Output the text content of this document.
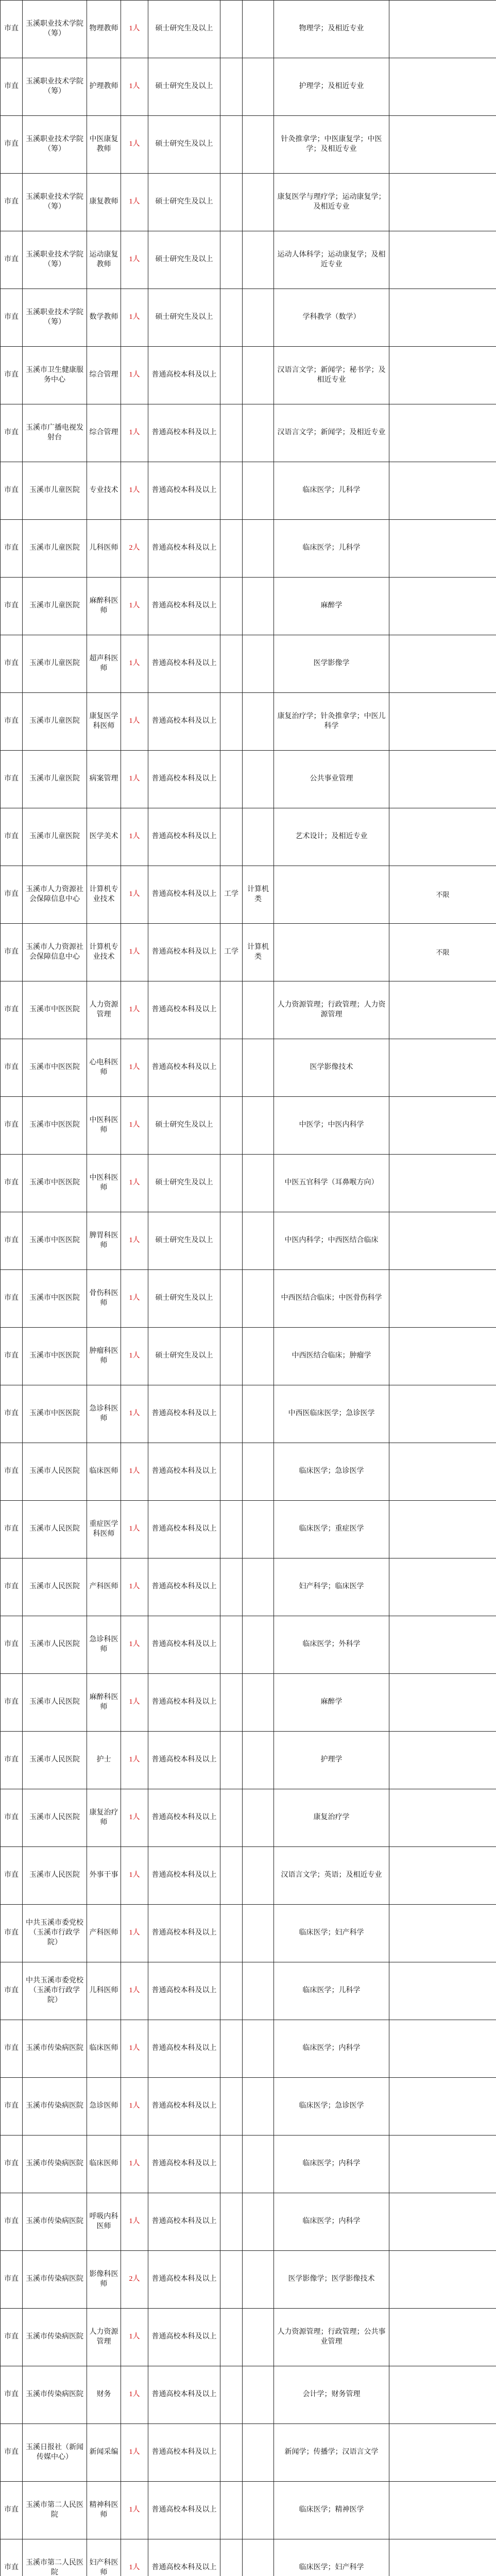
市直	玉溪职业技术学院（筹）	物理教师	1人	硕士研究生及以上			物理学；及相近专业	
市直	玉溪职业技术学院（筹）	护理教师	1人	硕士研究生及以上			护理学；及相近专业	
市直	玉溪职业技术学院（筹）	中医康复教师	1人	硕士研究生及以上			针灸推拿学；中医康复学；中医学；及相近专业	
市直	玉溪职业技术学院（筹）	康复教师	1人	硕士研究生及以上			康复医学与理疗学；运动康复学；及相近专业	
市直	玉溪职业技术学院（筹）	运动康复教师	1人	硕士研究生及以上			运动人体科学；运动康复学；及相近专业	
市直	玉溪职业技术学院（筹）	数学教师	1人	硕士研究生及以上			学科教学（数学）	
市直	玉溪市卫生健康服务中心	综合管理	1人	普通高校本科及以上			汉语言文学；新闻学；秘书学；及相近专业	
市直	玉溪市广播电视发射台	综合管理	1人	普通高校本科及以上			汉语言文学；新闻学；及相近专业	
市直	玉溪市儿童医院	专业技术	1人	普通高校本科及以上			临床医学；儿科学	
市直	玉溪市儿童医院	儿科医师	2人	普通高校本科及以上			临床医学；儿科学	
市直	玉溪市儿童医院	麻醉科医师	1人	普通高校本科及以上			麻醉学	
市直	玉溪市儿童医院	超声科医师	1人	普通高校本科及以上			医学影像学	
市直	玉溪市儿童医院	康复医学科医师	1人	普通高校本科及以上			康复治疗学；针灸推拿学；中医儿科学	
市直	玉溪市儿童医院	病案管理	1人	普通高校本科及以上			公共事业管理	
市直	玉溪市儿童医院	医学美术	1人	普通高校本科及以上			艺术设计；及相近专业	
市直	玉溪市人力资源社会保障信息中心	计算机专业技术	1人	普通高校本科及以上	工学	计算机类		不限
市直	玉溪市人力资源社会保障信息中心	计算机专业技术	1人	普通高校本科及以上	工学	计算机类		不限
市直	玉溪市中医医院	人力资源管理	1人	普通高校本科及以上			人力资源管理；行政管理；人力资源管理	
市直	玉溪市中医医院	心电科医师	1人	普通高校本科及以上			医学影像技术	
市直	玉溪市中医医院	中医科医师	1人	硕士研究生及以上			中医学；中医内科学	
市直	玉溪市中医医院	中医科医师	1人	硕士研究生及以上			中医五官科学（耳鼻喉方向）	
市直	玉溪市中医医院	脾胃科医师	1人	硕士研究生及以上			中医内科学；中西医结合临床	
市直	玉溪市中医医院	骨伤科医师	1人	硕士研究生及以上			中西医结合临床；中医骨伤科学	
市直	玉溪市中医医院	肿瘤科医师	1人	硕士研究生及以上			中西医结合临床；肿瘤学	
市直	玉溪市中医医院	急诊科医师	1人	普通高校本科及以上			中西医临床医学；急诊医学	
市直	玉溪市人民医院	临床医师	1人	普通高校本科及以上			临床医学；急诊医学	
市直	玉溪市人民医院	重症医学科医师	1人	普通高校本科及以上			临床医学；重症医学	
市直	玉溪市人民医院	产科医师	1人	普通高校本科及以上			妇产科学；临床医学	
市直	玉溪市人民医院	急诊科医师	1人	普通高校本科及以上			临床医学；外科学	
市直	玉溪市人民医院	麻醉科医师	1人	普通高校本科及以上			麻醉学	
市直	玉溪市人民医院	护士	1人	普通高校本科及以上			护理学	
市直	玉溪市人民医院	康复治疗师	1人	普通高校本科及以上			康复治疗学	
市直	玉溪市人民医院	外事干事	1人	普通高校本科及以上			汉语言文学；英语；及相近专业	
市直	中共玉溪市委党校（玉溪市行政学院）	产科医师	1人	普通高校本科及以上			临床医学；妇产科学	
市直	中共玉溪市委党校（玉溪市行政学院）	儿科医师	1人	普通高校本科及以上			临床医学；儿科学	
市直	玉溪市传染病医院	临床医师	1人	普通高校本科及以上			临床医学；内科学	
市直	玉溪市传染病医院	急诊医师	1人	普通高校本科及以上			临床医学；急诊医学	
市直	玉溪市传染病医院	临床医师	1人	普通高校本科及以上			临床医学；内科学	
市直	玉溪市传染病医院	呼吸内科医师	1人	普通高校本科及以上			临床医学；内科学	
市直	玉溪市传染病医院	影像科医师	2人	普通高校本科及以上			医学影像学；医学影像技术	
市直	玉溪市传染病医院	人力资源管理	1人	普通高校本科及以上			人力资源管理；行政管理；公共事业管理	
市直	玉溪市传染病医院	财务	1人	普通高校本科及以上			会计学；财务管理	
市直	玉溪日报社（新闻传媒中心）	新闻采编	1人	普通高校本科及以上			新闻学；传播学；汉语言文学	
市直	玉溪市第二人民医院	精神科医师	1人	普通高校本科及以上			临床医学；精神医学	
市直	玉溪市第二人民医院	妇产科医师	1人	普通高校本科及以上			临床医学；妇产科学	
